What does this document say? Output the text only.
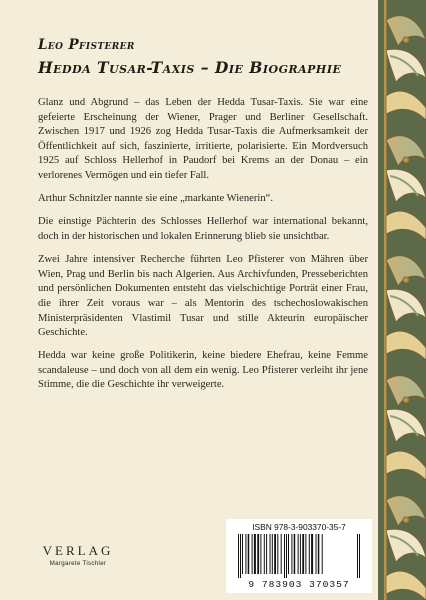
Leo Pfisterer
Hedda Tusar-Taxis – Die Biographie

Glanz und Abgrund – das Leben der Hedda Tusar-Taxis. Sie war eine gefeierte Erscheinung der Wiener, Prager und Berliner Gesellschaft. Zwischen 1917 und 1926 zog Hedda Tusar-Taxis die Aufmerksamkeit der Öffentlichkeit auf sich, faszinierte, irritierte, polarisierte. Ein Mordversuch 1925 auf Schloss Hellerhof in Paudorf bei Krems an der Donau – ein verlorenes Vermögen und ein tiefer Fall.

Arthur Schnitzler nannte sie eine „markante Wienerin“.

Die einstige Pächterin des Schlosses Hellerhof war international bekannt, doch in der historischen und lokalen Erinnerung blieb sie unsichtbar.

Zwei Jahre intensiver Recherche führten Leo Pfisterer von Mähren über Wien, Prag und Berlin bis nach Algerien. Aus Archivfunden, Presseberichten und persönlichen Dokumenten entsteht das vielschichtige Porträt einer Frau, die ihrer Zeit voraus war – als Mentorin des tschechoslowakischen Ministerpräsidenten Vlastimil Tusar und stille Akteurin europäischer Geschichte.

Hedda war keine große Politikerin, keine biedere Ehefrau, keine Femme scandaleuse – und doch von all dem ein wenig. Leo Pfisterer verleiht ihr jene Stimme, die die Geschichte ihr verweigerte.

VERLAG
Margarete Tischler
ISBN 978-3-903370-35-7
9 783903 370357
